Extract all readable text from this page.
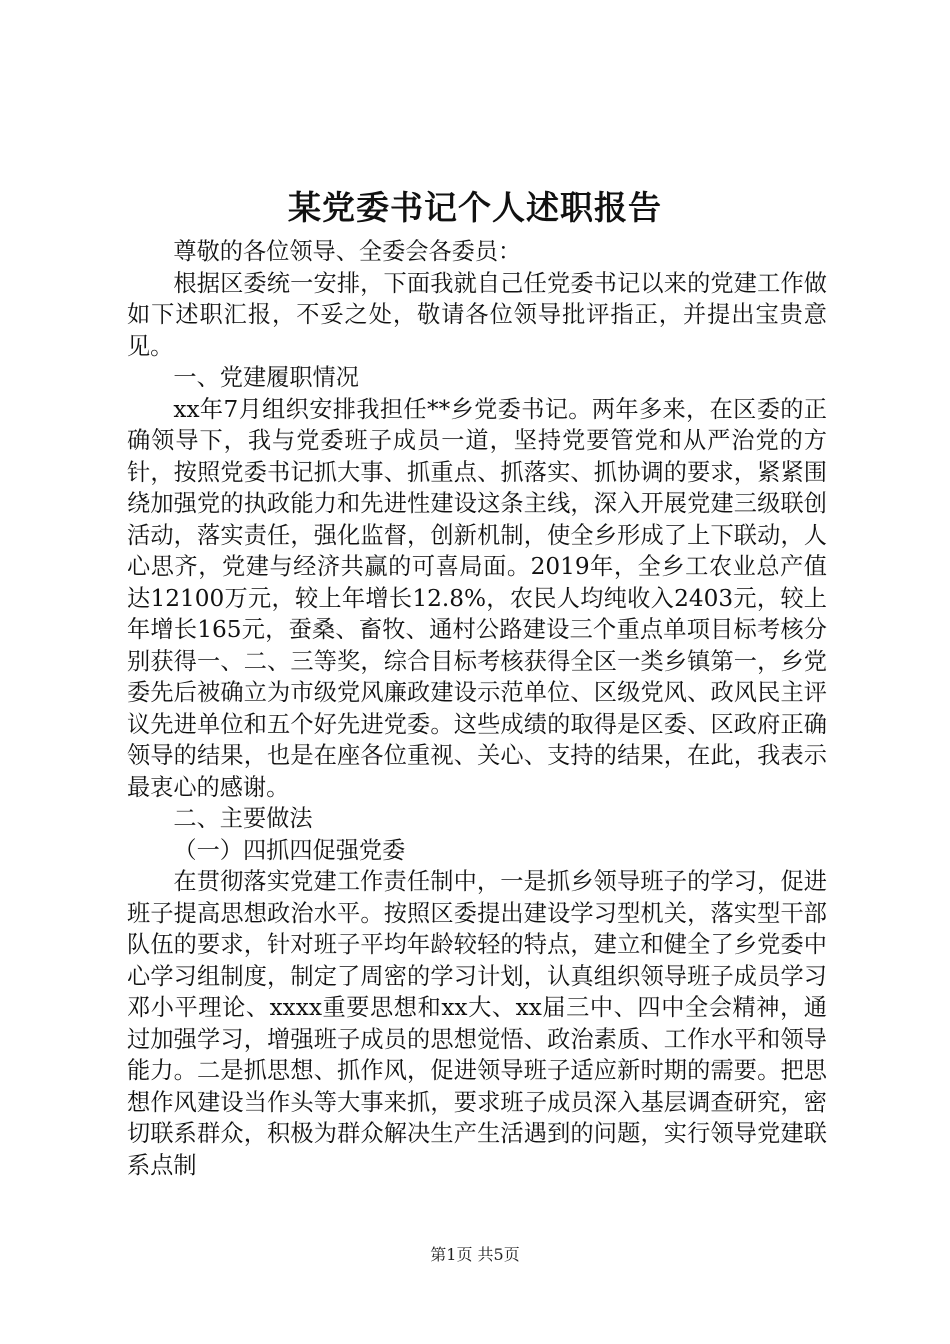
某党委书记个人述职报告

尊敬的各位领导、全委会各委员：

根据区委统一安排，下面我就自己任党委书记以来的党建工作做如下述职汇报，不妥之处，敬请各位领导批评指正，并提出宝贵意见。

一、党建履职情况

xx年7月组织安排我担任**乡党委书记。两年多来，在区委的正确领导下，我与党委班子成员一道，坚持党要管党和从严治党的方针，按照党委书记抓大事、抓重点、抓落实、抓协调的要求，紧紧围绕加强党的执政能力和先进性建设这条主线，深入开展党建三级联创活动，落实责任，强化监督，创新机制，使全乡形成了上下联动，人心思齐，党建与经济共赢的可喜局面。2019年，全乡工农业总产值达12100万元，较上年增长12.8%，农民人均纯收入2403元，较上年增长165元，蚕桑、畜牧、通村公路建设三个重点单项目标考核分别获得一、二、三等奖，综合目标考核获得全区一类乡镇第一，乡党委先后被确立为市级党风廉政建设示范单位、区级党风、政风民主评议先进单位和五个好先进党委。这些成绩的取得是区委、区政府正确领导的结果，也是在座各位重视、关心、支持的结果，在此，我表示最衷心的感谢。

二、主要做法

（一）四抓四促强党委

在贯彻落实党建工作责任制中，一是抓乡领导班子的学习，促进班子提高思想政治水平。按照区委提出建设学习型机关，落实型干部队伍的要求，针对班子平均年龄较轻的特点，建立和健全了乡党委中心学习组制度，制定了周密的学习计划，认真组织领导班子成员学习邓小平理论、xxxx重要思想和xx大、xx届三中、四中全会精神，通过加强学习，增强班子成员的思想觉悟、政治素质、工作水平和领导能力。二是抓思想、抓作风，促进领导班子适应新时期的需要。把思想作风建设当作头等大事来抓，要求班子成员深入基层调查研究，密切联系群众，积极为群众解决生产生活遇到的问题，实行领导党建联系点制

第1页 共5页
